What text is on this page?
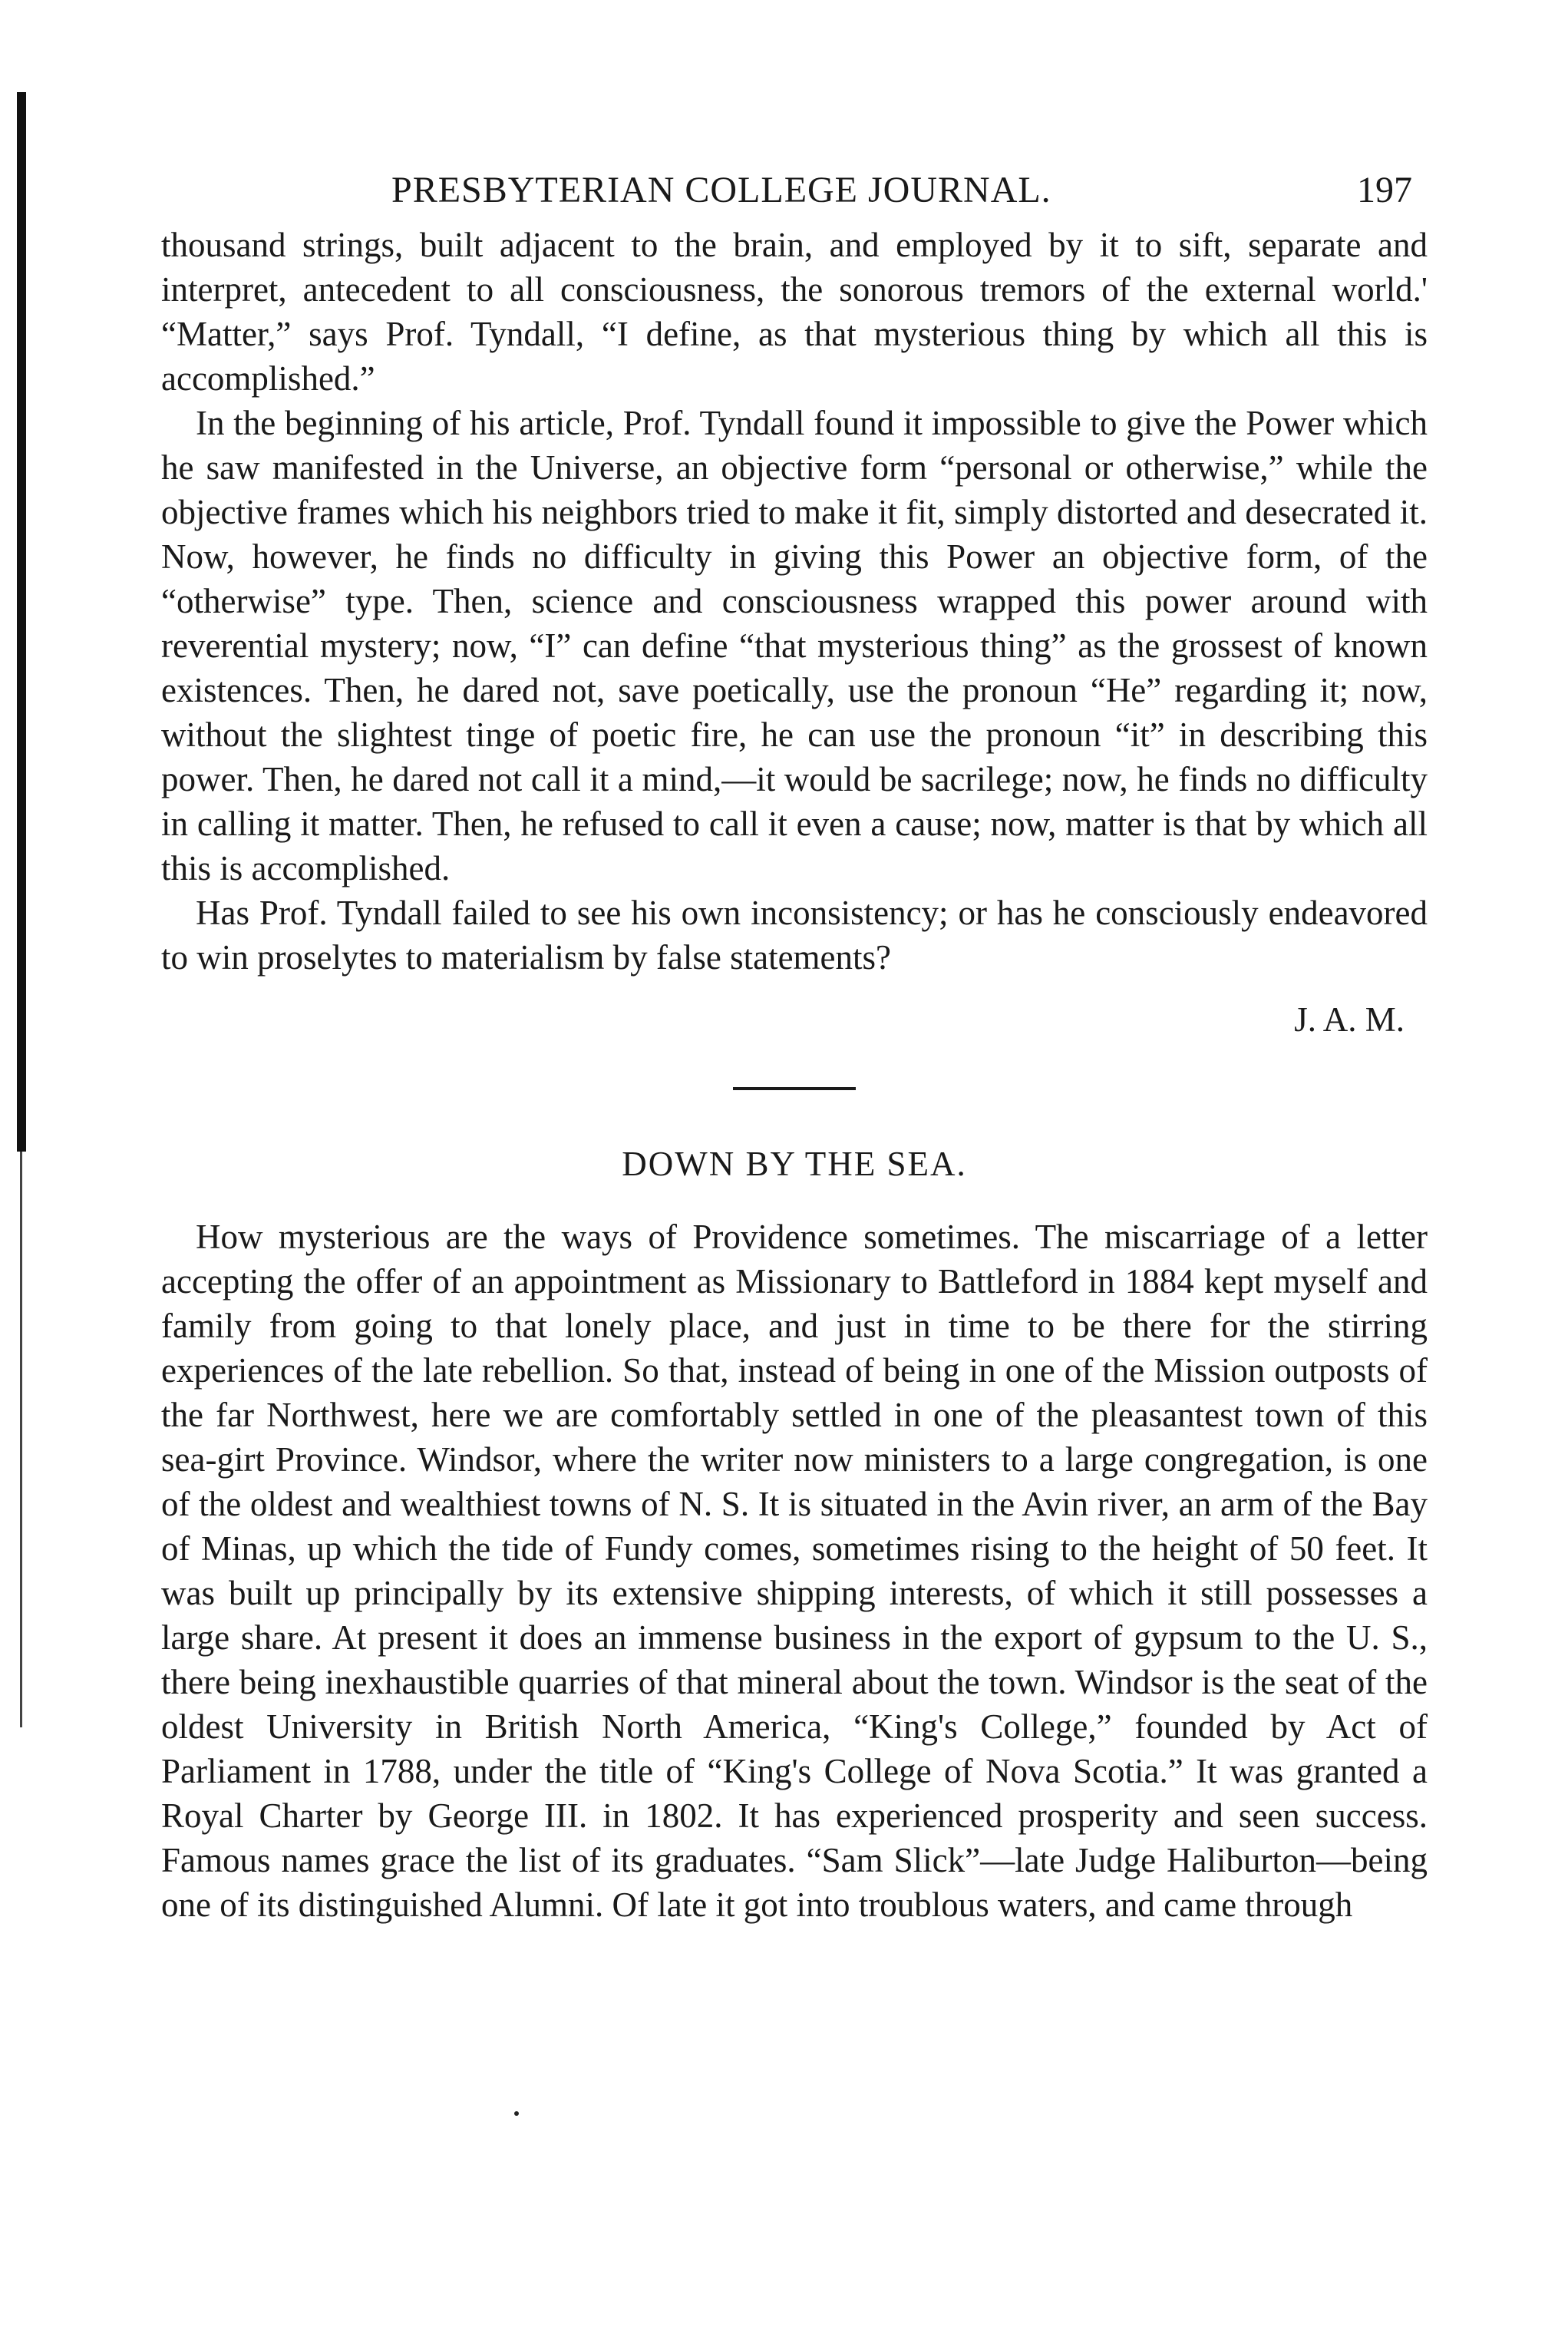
PRESBYTERIAN COLLEGE JOURNAL.	197

thousand strings, built adjacent to the brain, and employed by it to sift, separate and interpret, antecedent to all consciousness, the sonorous tremors of the external world.' “Matter,” says Prof. Tyndall, “I define, as that mysterious thing by which all this is accomplished.”

In the beginning of his article, Prof. Tyndall found it impossible to give the Power which he saw manifested in the Universe, an objective form “personal or otherwise,” while the objective frames which his neighbors tried to make it fit, simply distorted and desecrated it. Now, however, he finds no difficulty in giving this Power an objective form, of the “otherwise” type. Then, science and consciousness wrapped this power around with reverential mystery; now, “I” can define “that mysterious thing” as the grossest of known existences. Then, he dared not, save poetically, use the pronoun “He” regarding it; now, without the slightest tinge of poetic fire, he can use the pronoun “it” in describing this power. Then, he dared not call it a mind,—it would be sacrilege; now, he finds no difficulty in calling it matter. Then, he refused to call it even a cause; now, matter is that by which all this is accomplished.

Has Prof. Tyndall failed to see his own inconsistency; or has he consciously endeavored to win proselytes to materialism by false statements?

J. A. M.
DOWN BY THE SEA.

How mysterious are the ways of Providence sometimes. The miscarriage of a letter accepting the offer of an appointment as Missionary to Battleford in 1884 kept myself and family from going to that lonely place, and just in time to be there for the stirring experiences of the late rebellion. So that, instead of being in one of the Mission outposts of the far Northwest, here we are comfortably settled in one of the pleasantest town of this sea-girt Province. Windsor, where the writer now ministers to a large congregation, is one of the oldest and wealthiest towns of N. S. It is situated in the Avin river, an arm of the Bay of Minas, up which the tide of Fundy comes, sometimes rising to the height of 50 feet. It was built up principally by its extensive shipping interests, of which it still possesses a large share. At present it does an immense business in the export of gypsum to the U. S., there being inexhaustible quarries of that mineral about the town. Windsor is the seat of the oldest University in British North America, “King's College,” founded by Act of Parliament in 1788, under the title of “King's College of Nova Scotia.” It was granted a Royal Charter by George III. in 1802. It has experienced prosperity and seen success. Famous names grace the list of its graduates. “Sam Slick”—late Judge Haliburton—being one of its distinguished Alumni. Of late it got into troublous waters, and came through
